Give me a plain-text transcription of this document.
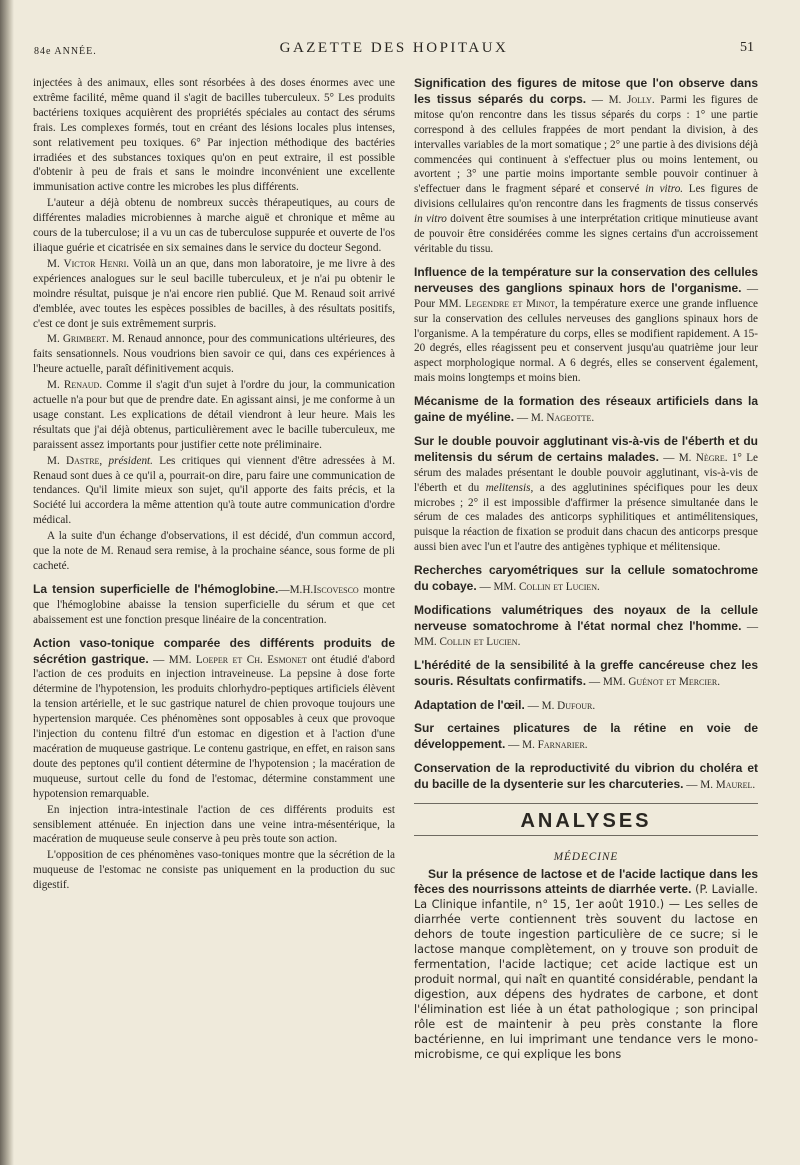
84e ANNÉE.	GAZETTE DES HOPITAUX	51

injectées à des animaux, elles sont résorbées à des doses énormes avec une extrême facilité, même quand il s'agit de bacilles tuberculeux. 5° Les produits bactériens toxiques acquièrent des propriétés spéciales au contact des sérums frais. Les complexes formés, tout en créant des lésions locales plus intenses, sont relativement peu toxiques. 6° Par injection méthodique des bactéries irradiées et des substances toxiques qu'on en peut extraire, il est possible d'obtenir à peu de frais et sans le moindre inconvénient une excellente immunisation active contre les microbes les plus différents.

L'auteur a déjà obtenu de nombreux succès thérapeutiques, au cours de différentes maladies microbiennes à marche aiguë et chronique et même au cours de la tuberculose; il a vu un cas de tuberculose suppurée et ouverte de l'os iliaque guérie et cicatrisée en six semaines dans le service du docteur Segond.

M. Victor Henri. Voilà un an que, dans mon laboratoire, je me livre à des expériences analogues sur le seul bacille tuberculeux, et je n'ai pu obtenir le moindre résultat, puisque je n'ai encore rien publié. Que M. Renaud soit arrivé d'emblée, avec toutes les espèces possibles de bacilles, à des résultats positifs, c'est ce dont je suis extrêmement surpris.

M. Grimbert. M. Renaud annonce, pour des communications ultérieures, des faits sensationnels. Nous voudrions bien savoir ce qui, dans ces expériences à l'heure actuelle, paraît définitivement acquis.

M. Renaud. Comme il s'agit d'un sujet à l'ordre du jour, la communication actuelle n'a pour but que de prendre date. En agissant ainsi, je me conforme à un usage constant. Les explications de détail viendront à leur heure. Mais les résultats que j'ai déjà obtenus, particulièrement avec le bacille tuberculeux, me paraissent assez importants pour justifier cette note préliminaire.

M. Dastre, président. Les critiques qui viennent d'être adressées à M. Renaud sont dues à ce qu'il a, pourrait-on dire, paru faire une communication de tendances. Qu'il limite mieux son sujet, qu'il apporte des faits précis, et la Société lui accordera la même attention qu'à toute autre communication d'ordre médical.

A la suite d'un échange d'observations, il est décidé, d'un commun accord, que la note de M. Renaud sera remise, à la prochaine séance, sous forme de pli cacheté.

La tension superficielle de l'hémoglobine.—M.H.Iscovesco montre que l'hémoglobine abaisse la tension superficielle du sérum et que cet abaissement est une fonction presque linéaire de la concentration.

Action vaso-tonique comparée des différents produits de sécrétion gastrique. — MM. Loeper et Ch. Esmonet ont étudié d'abord l'action de ces produits en injection intraveineuse. La pepsine à dose forte détermine de l'hypotension, les produits chlorhydro-peptiques artificiels élèvent la tension artérielle, et le suc gastrique naturel de chien provoque toujours une hypertension marquée. Ces phénomènes sont opposables à ceux que provoque l'injection du contenu filtré d'un estomac en digestion et à l'action d'une macération de muqueuse gastrique. Le contenu gastrique, en effet, en raison sans doute des peptones qu'il contient détermine de l'hypotension ; la macération de muqueuse, surtout celle du fond de l'estomac, détermine constamment une hypotension remarquable.

En injection intra-intestinale l'action de ces différents produits est sensiblement atténuée. En injection dans une veine intra-mésentérique, la macération de muqueuse seule conserve à peu près toute son action.

L'opposition de ces phénomènes vaso-toniques montre que la sécrétion de la muqueuse de l'estomac ne consiste pas uniquement en la production du suc digestif.

Signification des figures de mitose que l'on observe dans les tissus séparés du corps. — M. Jolly. Parmi les figures de mitose qu'on rencontre dans les tissus séparés du corps : 1° une partie correspond à des cellules frappées de mort pendant la division, à des intervalles variables de la mort somatique ; 2° une partie à des divisions déjà commencées qui continuent à s'effectuer plus ou moins lentement, ou avortent ; 3° une partie moins importante semble pouvoir continuer à s'effectuer dans le fragment séparé et conservé in vitro. Les figures de divisions cellulaires qu'on rencontre dans les fragments de tissus conservés in vitro doivent être soumises à une interprétation critique minutieuse avant de pouvoir être considérées comme les signes certains d'un accroissement véritable du tissu.

Influence de la température sur la conservation des cellules nerveuses des ganglions spinaux hors de l'organisme. — Pour MM. Legendre et Minot, la température exerce une grande influence sur la conservation des cellules nerveuses des ganglions spinaux hors de l'organisme. A la température du corps, elles se modifient rapidement. A 15-20 degrés, elles réagissent peu et conservent jusqu'au quatrième jour leur aspect morphologique normal. A 6 degrés, elles se conservent également, mais moins longtemps et moins bien.

Mécanisme de la formation des réseaux artificiels dans la gaine de myéline. — M. Nageotte.

Sur le double pouvoir agglutinant vis-à-vis de l'éberth et du melitensis du sérum de certains malades. — M. Nègre. 1° Le sérum des malades présentant le double pouvoir agglutinant, vis-à-vis de l'éberth et du melitensis, a des agglutinines spécifiques pour les deux microbes ; 2° il est impossible d'affirmer la présence simultanée dans le sérum de ces malades des anticorps syphilitiques et antimélitensiques, puisque la réaction de fixation se produit dans chacun des anticorps presque aussi bien avec l'un et l'autre des antigènes typhique et mélitensique.

Recherches caryométriques sur la cellule somatochrome du cobaye. — MM. Collin et Lucien.

Modifications valumétriques des noyaux de la cellule nerveuse somatochrome à l'état normal chez l'homme. — MM. Collin et Lucien.

L'hérédité de la sensibilité à la greffe cancéreuse chez les souris. Résultats confirmatifs. — MM. Guénot et Mercier.

Adaptation de l'œil. — M. Dufour.

Sur certaines plicatures de la rétine en voie de développement. — M. Farnarier.

Conservation de la reproductivité du vibrion du choléra et du bacille de la dysenterie sur les charcuteries. — M. Maurel.

ANALYSES
MÉDECINE

Sur la présence de lactose et de l'acide lactique dans les fèces des nourrissons atteints de diarrhée verte. (P. Lavialle. La Clinique infantile, n° 15, 1er août 1910.) — Les selles de diarrhée verte contiennent très souvent du lactose en dehors de toute ingestion particulière de ce sucre; si le lactose manque complètement, on y trouve son produit de fermentation, l'acide lactique; cet acide lactique est un produit normal, qui naît en quantité considérable, pendant la digestion, aux dépens des hydrates de carbone, et dont l'élimination est liée à un état pathologique ; son principal rôle est de maintenir à peu près constante la flore bactérienne, en lui imprimant une tendance vers le mono-microbisme, ce qui explique les bons
